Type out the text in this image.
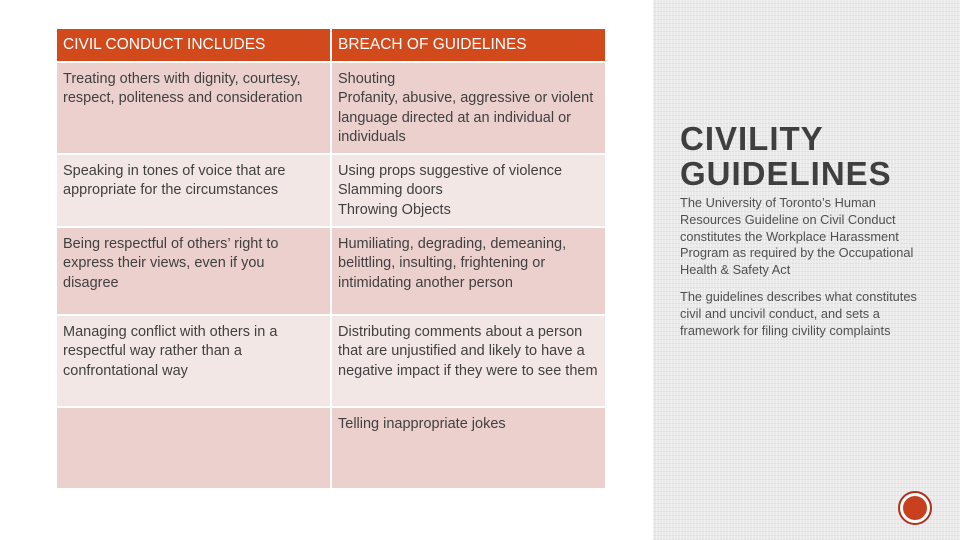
CIVIL CONDUCT INCLUDES	BREACH OF GUIDELINES

Treating others with dignity, courtesy, respect, politeness and consideration	Shouting
Profanity, abusive, aggressive or violent language directed at an individual or individuals

Speaking in tones of voice that are appropriate for the circumstances	Using props suggestive of violence
Slamming doors
Throwing Objects

Being respectful of others’ right to express their views, even if you disagree	Humiliating, degrading, demeaning, belittling, insulting, frightening or intimidating another person

Managing conflict with others in a respectful way rather than a confrontational way	Distributing comments about a person that are unjustified and likely to have a negative impact if they were to see them

	Telling inappropriate jokes
CIVILITY
GUIDELINES
The University of Toronto’s Human Resources Guideline on Civil Conduct constitutes the Workplace Harassment Program as required by the Occupational Health & Safety Act
The guidelines describes what constitutes civil and uncivil conduct, and sets a framework for filing civility complaints
